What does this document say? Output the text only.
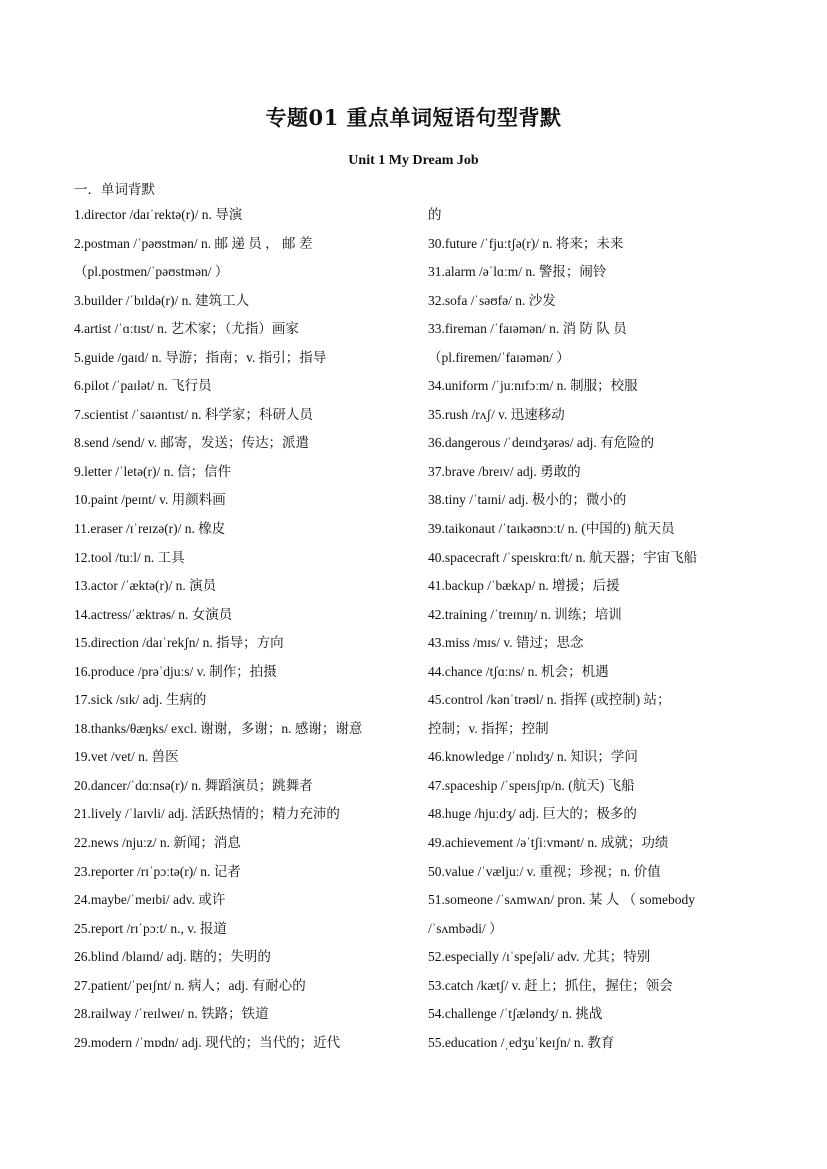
专题01 重点单词短语句型背默
Unit 1 My Dream Job
一．单词背默
1.director /daɪˈrektə(r)/ n. 导演
2.postman /ˈpəʊstmən/ n. 邮 递 员 ， 邮 差
（pl.postmen/ˈpəʊstmən/ ）
3.builder /ˈbɪldə(r)/ n. 建筑工人
4.artist /ˈɑːtɪst/ n. 艺术家；（尤指）画家
5.guide /ɡaɪd/ n. 导游；指南；v. 指引；指导
6.pilot /ˈpaɪlət/ n. 飞行员
7.scientist /ˈsaɪəntɪst/ n. 科学家；科研人员
8.send /send/ v. 邮寄，发送；传达；派遣
9.letter /ˈletə(r)/ n. 信；信件
10.paint /peɪnt/ v. 用颜料画
11.eraser /ɪˈreɪzə(r)/ n. 橡皮
12.tool /tuːl/ n. 工具
13.actor /ˈæktə(r)/ n. 演员
14.actress/ˈæktrəs/ n. 女演员
15.direction /daɪˈrekʃn/ n. 指导；方向
16.produce /prəˈdjuːs/ v. 制作；拍摄
17.sick /sɪk/ adj. 生病的
18.thanks/θæŋks/ excl. 谢谢，多谢；n. 感谢；谢意
19.vet /vet/ n. 兽医
20.dancer/ˈdɑːnsə(r)/ n. 舞蹈演员；跳舞者
21.lively /ˈlaɪvli/ adj. 活跃热情的；精力充沛的
22.news /njuːz/ n. 新闻；消息
23.reporter /rɪˈpɔːtə(r)/ n. 记者
24.maybe/ˈmeɪbi/ adv. 或许
25.report /rɪˈpɔːt/ n., v. 报道
26.blind /blaɪnd/ adj. 瞎的；失明的
27.patient/ˈpeɪʃnt/ n. 病人；adj. 有耐心的
28.railway /ˈreɪlweɪ/ n. 铁路；铁道
29.modern /ˈmɒdn/ adj. 现代的；当代的；近代
的
30.future /ˈfjuːtʃə(r)/ n. 将来；未来
31.alarm /əˈlɑːm/ n. 警报；闹铃
32.sofa /ˈsəʊfə/ n. 沙发
33.fireman /ˈfaɪəmən/ n. 消 防 队 员
（pl.firemen/ˈfaɪəmən/ ）
34.uniform /ˈjuːnɪfɔːm/ n. 制服；校服
35.rush /rʌʃ/ v. 迅速移动
36.dangerous /ˈdeɪndʒərəs/ adj. 有危险的
37.brave /breɪv/ adj. 勇敢的
38.tiny /ˈtaɪni/ adj. 极小的；微小的
39.taikonaut /ˈtaɪkəʊnɔːt/ n. (中国的) 航天员
40.spacecraft /ˈspeɪskrɑːft/ n. 航天器；宇宙飞船
41.backup /ˈbækʌp/ n. 增援；后援
42.training /ˈtreɪnɪŋ/ n. 训练；培训
43.miss /mɪs/ v. 错过；思念
44.chance /tʃɑːns/ n. 机会；机遇
45.control /kənˈtrəʊl/ n. 指挥 (或控制) 站；
控制；v. 指挥；控制
46.knowledge /ˈnɒlɪdʒ/ n. 知识；学问
47.spaceship /ˈspeɪsʃɪp/n. (航天) 飞船
48.huge /hjuːdʒ/ adj. 巨大的；极多的
49.achievement /əˈtʃiːvmənt/ n. 成就；功绩
50.value /ˈvæljuː/ v. 重视；珍视；n. 价值
51.someone /ˈsʌmwʌn/ pron. 某 人 （ somebody
/ˈsʌmbədi/ ）
52.especially /ɪˈspeʃəli/ adv. 尤其；特别
53.catch /kætʃ/ v. 赶上；抓住，握住；领会
54.challenge /ˈtʃæləndʒ/ n. 挑战
55.education /ˌedʒuˈkeɪʃn/ n. 教育
